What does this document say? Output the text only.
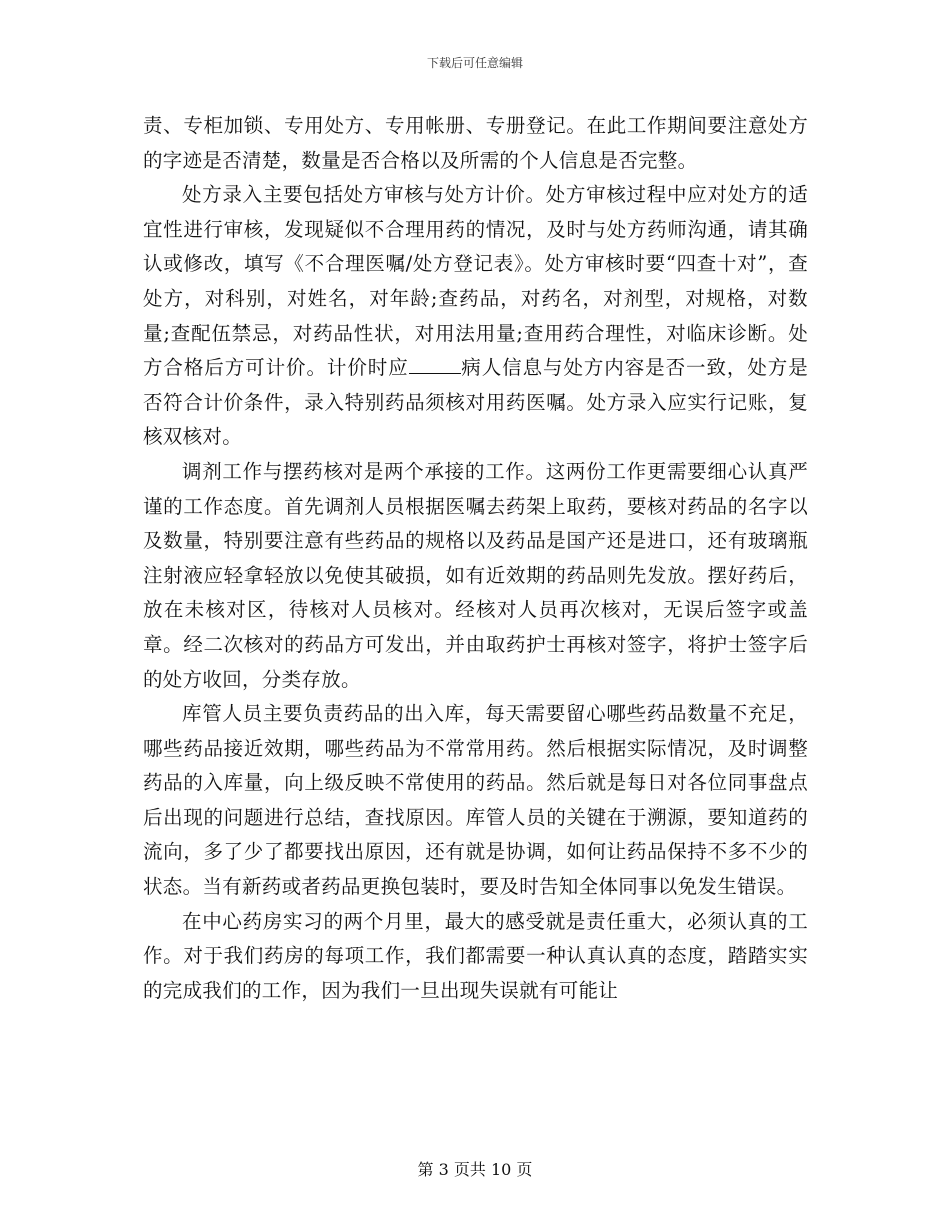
下载后可任意编辑

责、专柜加锁、专用处方、专用帐册、专册登记。在此工作期间要注意处方的字迹是否清楚，数量是否合格以及所需的个人信息是否完整。

处方录入主要包括处方审核与处方计价。处方审核过程中应对处方的适宜性进行审核，发现疑似不合理用药的情况，及时与处方药师沟通，请其确认或修改，填写《不合理医嘱/处方登记表》。处方审核时要“四查十对”，查处方，对科别，对姓名，对年龄;查药品，对药名，对剂型，对规格，对数量;查配伍禁忌，对药品性状，对用法用量;查用药合理性，对临床诊断。处方合格后方可计价。计价时应	病人信息与处方内容是否一致，处方是否符合计价条件，录入特别药品须核对用药医嘱。处方录入应实行记账，复核双核对。

调剂工作与摆药核对是两个承接的工作。这两份工作更需要细心认真严谨的工作态度。首先调剂人员根据医嘱去药架上取药，要核对药品的名字以及数量，特别要注意有些药品的规格以及药品是国产还是进口，还有玻璃瓶注射液应轻拿轻放以免使其破损，如有近效期的药品则先发放。摆好药后，放在未核对区，待核对人员核对。经核对人员再次核对，无误后签字或盖章。经二次核对的药品方可发出，并由取药护士再核对签字，将护士签字后的处方收回，分类存放。

库管人员主要负责药品的出入库，每天需要留心哪些药品数量不充足，哪些药品接近效期，哪些药品为不常常用药。然后根据实际情况，及时调整药品的入库量，向上级反映不常使用的药品。然后就是每日对各位同事盘点后出现的问题进行总结，查找原因。库管人员的关键在于溯源，要知道药的流向，多了少了都要找出原因，还有就是协调，如何让药品保持不多不少的状态。当有新药或者药品更换包装时，要及时告知全体同事以免发生错误。

在中心药房实习的两个月里，最大的感受就是责任重大，必须认真的工作。对于我们药房的每项工作，我们都需要一种认真认真的态度，踏踏实实的完成我们的工作，因为我们一旦出现失误就有可能让

第 3 页共 10 页
